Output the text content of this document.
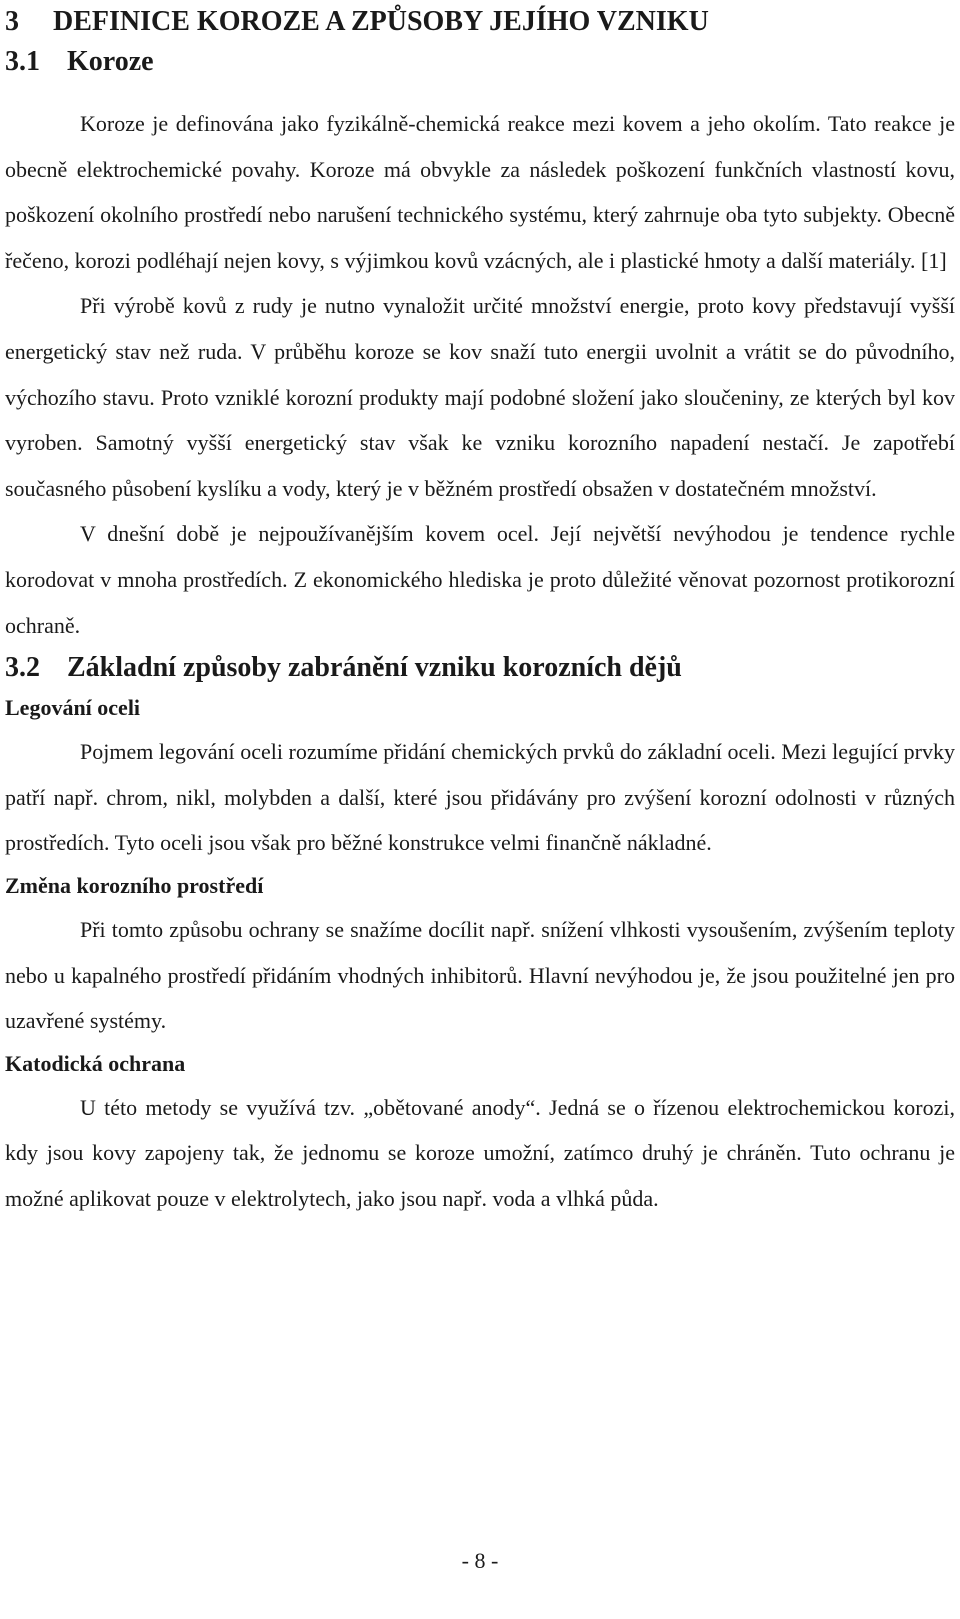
3	DEFINICE KOROZE A ZPŮSOBY JEJÍHO VZNIKU
3.1 Koroze

Koroze je definována jako fyzikálně-chemická reakce mezi kovem a jeho okolím. Tato reakce je obecně elektrochemické povahy. Koroze má obvykle za následek poškození funkčních vlastností kovu, poškození okolního prostředí nebo narušení technického systému, který zahrnuje oba tyto subjekty. Obecně řečeno, korozi podléhají nejen kovy, s výjimkou kovů vzácných, ale i plastické hmoty a další materiály. [1]

Při výrobě kovů z rudy je nutno vynaložit určité množství energie, proto kovy představují vyšší energetický stav než ruda. V průběhu koroze se kov snaží tuto energii uvolnit a vrátit se do původního, výchozího stavu. Proto vzniklé korozní produkty mají podobné složení jako sloučeniny, ze kterých byl kov vyroben. Samotný vyšší energetický stav však ke vzniku korozního napadení nestačí. Je zapotřebí současného působení kyslíku a vody, který je v běžném prostředí obsažen v dostatečném množství.

V dnešní době je nejpoužívanějším kovem ocel. Její největší nevýhodou je tendence rychle korodovat v mnoha prostředích. Z ekonomického hlediska je proto důležité věnovat pozornost protikorozní ochraně.

3.2 Základní způsoby zabránění vzniku korozních dějů
Legování oceli

Pojmem legování oceli rozumíme přidání chemických prvků do základní oceli. Mezi legující prvky patří např. chrom, nikl, molybden a další, které jsou přidávány pro zvýšení korozní odolnosti v různých prostředích. Tyto oceli jsou však pro běžné konstrukce velmi finančně nákladné.

Změna korozního prostředí

Při tomto způsobu ochrany se snažíme docílit např. snížení vlhkosti vysoušením, zvýšením teploty nebo u kapalného prostředí přidáním vhodných inhibitorů. Hlavní nevýhodou je, že jsou použitelné jen pro uzavřené systémy.

Katodická ochrana

U této metody se využívá tzv. „obětované anody“. Jedná se o řízenou elektrochemickou korozi, kdy jsou kovy zapojeny tak, že jednomu se koroze umožní, zatímco druhý je chráněn. Tuto ochranu je možné aplikovat pouze v elektrolytech, jako jsou např. voda a vlhká půda.

- 8 -
